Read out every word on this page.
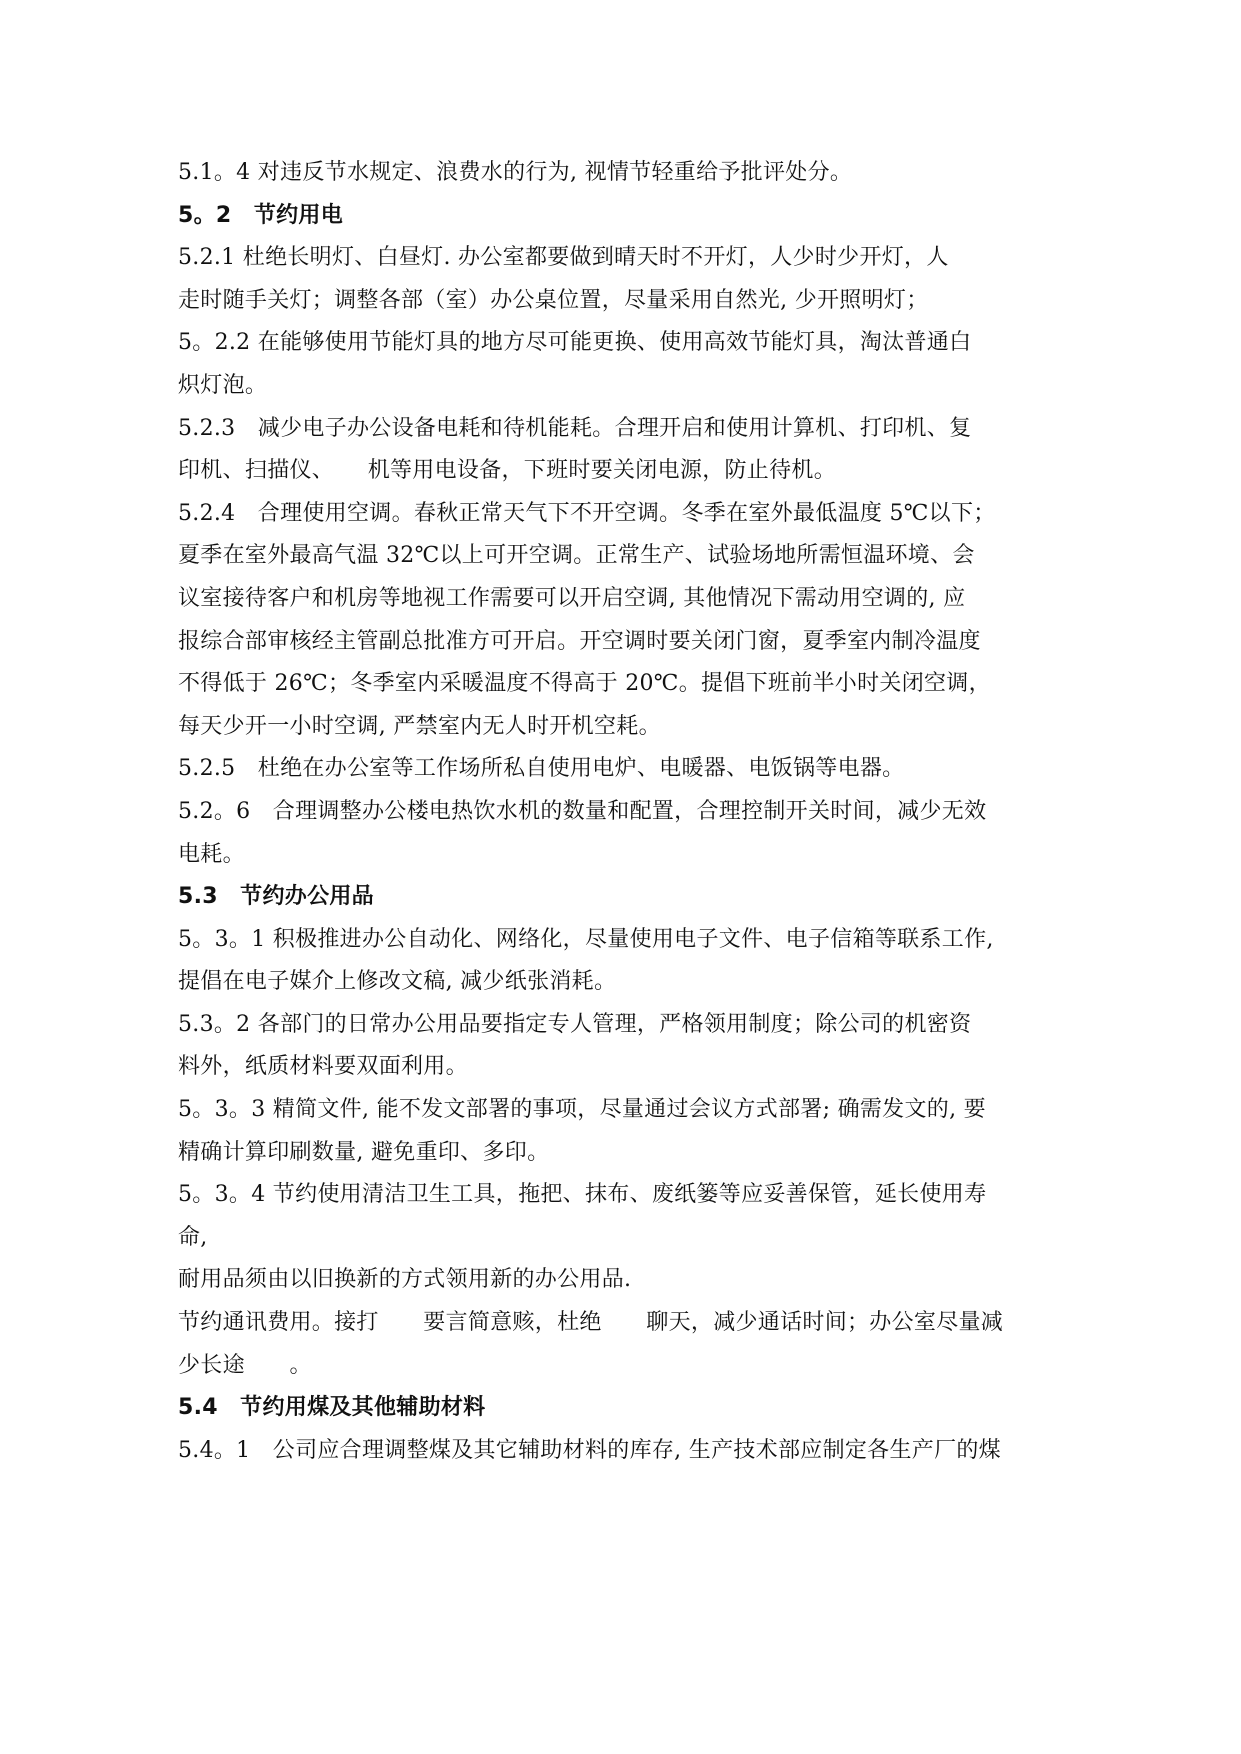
5.1。4 对违反节水规定、浪费水的行为, 视情节轻重给予批评处分。
5。2　节约用电
5.2.1 杜绝长明灯、白昼灯. 办公室都要做到晴天时不开灯，人少时少开灯，人
走时随手关灯；调整各部（室）办公桌位置，尽量采用自然光, 少开照明灯；
5。2.2 在能够使用节能灯具的地方尽可能更换、使用高效节能灯具，淘汰普通白
炽灯泡。
5.2.3　减少电子办公设备电耗和待机能耗。合理开启和使用计算机、打印机、复
印机、扫描仪、　　机等用电设备，下班时要关闭电源，防止待机。
5.2.4　合理使用空调。春秋正常天气下不开空调。冬季在室外最低温度 5℃以下；
夏季在室外最高气温 32℃以上可开空调。正常生产、试验场地所需恒温环境、会
议室接待客户和机房等地视工作需要可以开启空调, 其他情况下需动用空调的, 应
报综合部审核经主管副总批准方可开启。开空调时要关闭门窗，夏季室内制冷温度
不得低于 26℃；冬季室内采暖温度不得高于 20℃。提倡下班前半小时关闭空调，
每天少开一小时空调, 严禁室内无人时开机空耗。
5.2.5　杜绝在办公室等工作场所私自使用电炉、电暖器、电饭锅等电器。
5.2。6　合理调整办公楼电热饮水机的数量和配置，合理控制开关时间，减少无效
电耗。
5.3　节约办公用品
5。3。1 积极推进办公自动化、网络化，尽量使用电子文件、电子信箱等联系工作,
提倡在电子媒介上修改文稿, 减少纸张消耗。
5.3。2 各部门的日常办公用品要指定专人管理，严格领用制度；除公司的机密资
料外，纸质材料要双面利用。
5。3。3 精简文件, 能不发文部署的事项，尽量通过会议方式部署; 确需发文的, 要
精确计算印刷数量, 避免重印、多印。
5。3。4 节约使用清洁卫生工具，拖把、抹布、废纸篓等应妥善保管，延长使用寿
命,
耐用品须由以旧换新的方式领用新的办公用品.
节约通讯费用。接打　　要言简意赅，杜绝　　聊天，减少通话时间；办公室尽量减
少长途　　。
5.4　节约用煤及其他辅助材料
5.4。1　公司应合理调整煤及其它辅助材料的库存, 生产技术部应制定各生产厂的煤
